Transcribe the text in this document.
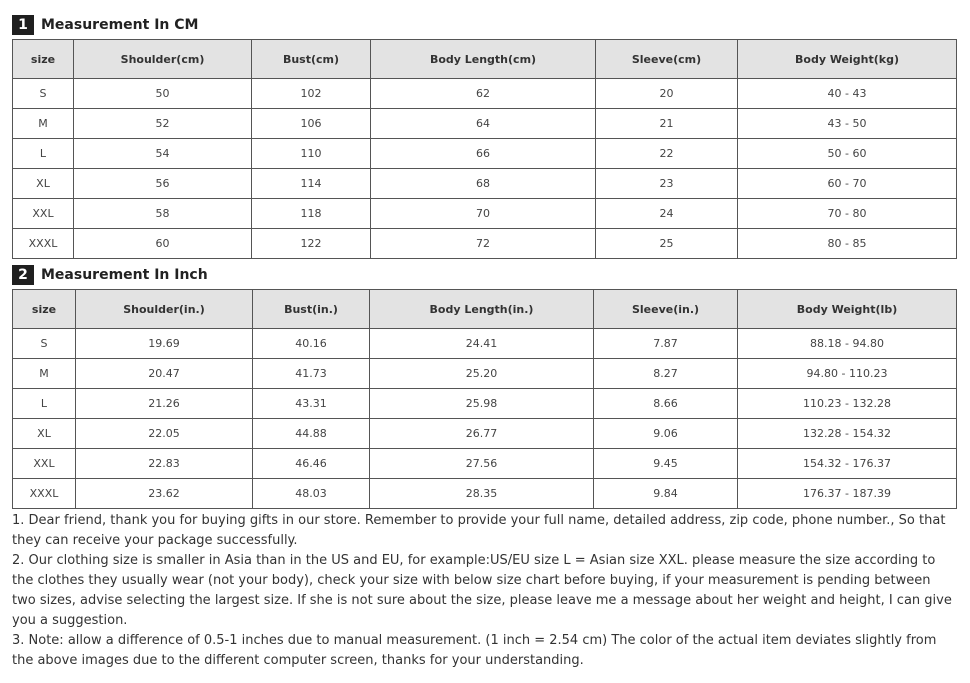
1 Measurement In CM
size	Shoulder(cm)	Bust(cm)	Body Length(cm)	Sleeve(cm)	Body Weight(kg)
S	50	102	62	20	40 - 43
M	52	106	64	21	43 - 50
L	54	110	66	22	50 - 60
XL	56	114	68	23	60 - 70
XXL	58	118	70	24	70 - 80
XXXL	60	122	72	25	80 - 85
2 Measurement In Inch
size	Shoulder(in.)	Bust(in.)	Body Length(in.)	Sleeve(in.)	Body Weight(lb)
S	19.69	40.16	24.41	7.87	88.18 - 94.80
M	20.47	41.73	25.20	8.27	94.80 - 110.23
L	21.26	43.31	25.98	8.66	110.23 - 132.28
XL	22.05	44.88	26.77	9.06	132.28 - 154.32
XXL	22.83	46.46	27.56	9.45	154.32 - 176.37
XXXL	23.62	48.03	28.35	9.84	176.37 - 187.39

1. Dear friend, thank you for buying gifts in our store. Remember to provide your full name, detailed address, zip code, phone number., So that they can receive your package successfully.

2. Our clothing size is smaller in Asia than in the US and EU, for example:US/EU size L = Asian size XXL. please measure the size according to the clothes they usually wear (not your body), check your size with below size chart before buying, if your measurement is pending between two sizes, advise selecting the largest size. If she is not sure about the size, please leave me a message about her weight and height, I can give you a suggestion.

3. Note: allow a difference of 0.5-1 inches due to manual measurement. (1 inch = 2.54 cm) The color of the actual item deviates slightly from the above images due to the different computer screen, thanks for your understanding.
